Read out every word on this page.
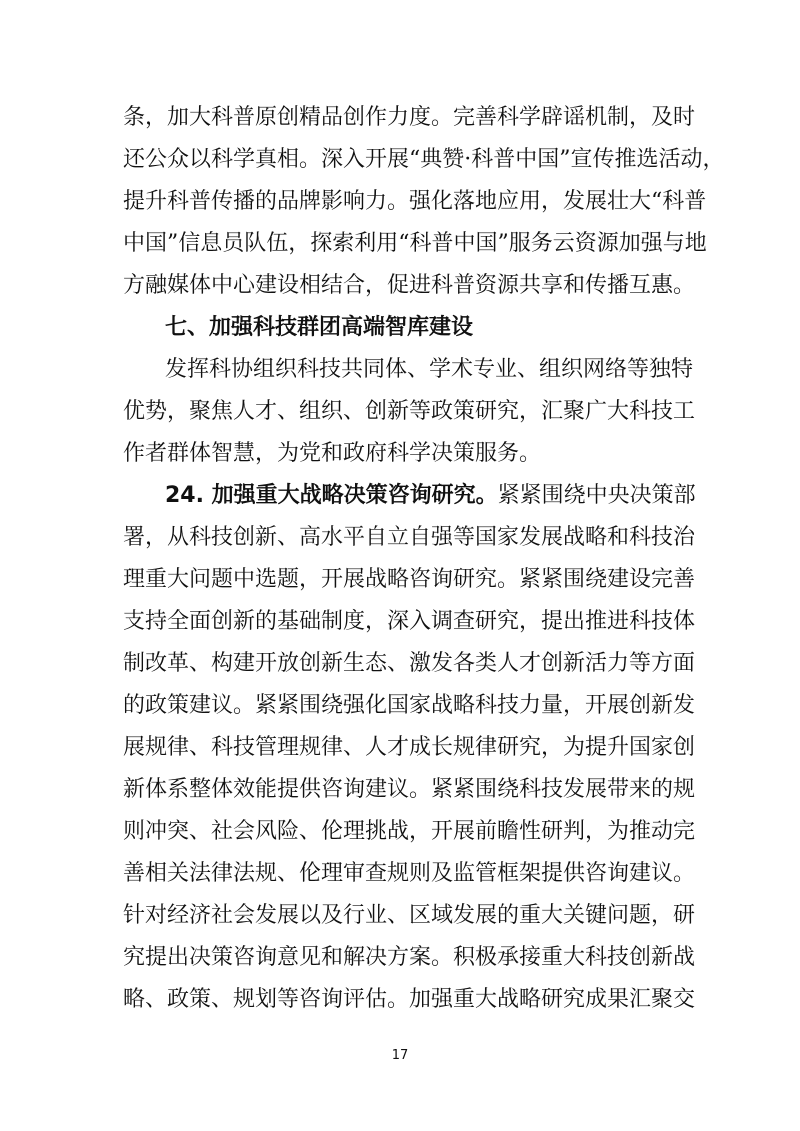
条，加大科普原创精品创作力度。完善科学辟谣机制，及时
还公众以科学真相。深入开展“典赞·科普中国”宣传推选活动，
提升科普传播的品牌影响力。强化落地应用，发展壮大“科普
中国”信息员队伍，探索利用“科普中国”服务云资源加强与地
方融媒体中心建设相结合，促进科普资源共享和传播互惠。
七、加强科技群团高端智库建设
发挥科协组织科技共同体、学术专业、组织网络等独特
优势，聚焦人才、组织、创新等政策研究，汇聚广大科技工
作者群体智慧，为党和政府科学决策服务。
24. 加强重大战略决策咨询研究。紧紧围绕中央决策部
署，从科技创新、高水平自立自强等国家发展战略和科技治
理重大问题中选题，开展战略咨询研究。紧紧围绕建设完善
支持全面创新的基础制度，深入调查研究，提出推进科技体
制改革、构建开放创新生态、激发各类人才创新活力等方面
的政策建议。紧紧围绕强化国家战略科技力量，开展创新发
展规律、科技管理规律、人才成长规律研究，为提升国家创
新体系整体效能提供咨询建议。紧紧围绕科技发展带来的规
则冲突、社会风险、伦理挑战，开展前瞻性研判，为推动完
善相关法律法规、伦理审查规则及监管框架提供咨询建议。
针对经济社会发展以及行业、区域发展的重大关键问题，研
究提出决策咨询意见和解决方案。积极承接重大科技创新战
略、政策、规划等咨询评估。加强重大战略研究成果汇聚交
17
